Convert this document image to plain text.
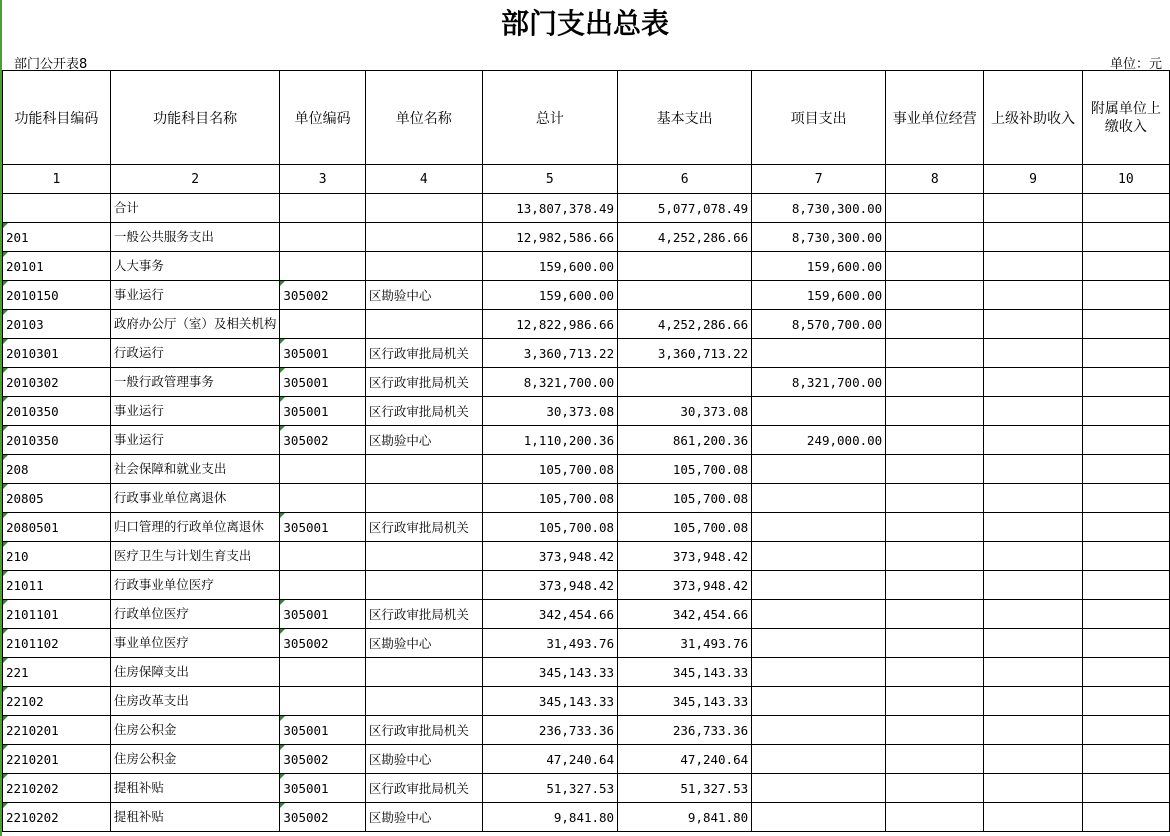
部门支出总表
部门公开表8	单位：元
功能科目编码	功能科目名称	单位编码	单位名称	总计	基本支出	项目支出	事业单位经营	上级补助收入	附属单位上缴收入
1	2	3	4	5	6	7	8	9	10
	合计			13,807,378.49	5,077,078.49	8,730,300.00			
201	一般公共服务支出			12,982,586.66	4,252,286.66	8,730,300.00			
20101	人大事务			159,600.00		159,600.00			
2010150	事业运行	305002	区勘验中心	159,600.00		159,600.00			
20103	政府办公厅（室）及相关机构			12,822,986.66	4,252,286.66	8,570,700.00			
2010301	行政运行	305001	区行政审批局机关	3,360,713.22	3,360,713.22				
2010302	一般行政管理事务	305001	区行政审批局机关	8,321,700.00		8,321,700.00			
2010350	事业运行	305001	区行政审批局机关	30,373.08	30,373.08				
2010350	事业运行	305002	区勘验中心	1,110,200.36	861,200.36	249,000.00			
208	社会保障和就业支出			105,700.08	105,700.08				
20805	行政事业单位离退休			105,700.08	105,700.08				
2080501	归口管理的行政单位离退休	305001	区行政审批局机关	105,700.08	105,700.08				
210	医疗卫生与计划生育支出			373,948.42	373,948.42				
21011	行政事业单位医疗			373,948.42	373,948.42				
2101101	行政单位医疗	305001	区行政审批局机关	342,454.66	342,454.66				
2101102	事业单位医疗	305002	区勘验中心	31,493.76	31,493.76				
221	住房保障支出			345,143.33	345,143.33				
22102	住房改革支出			345,143.33	345,143.33				
2210201	住房公积金	305001	区行政审批局机关	236,733.36	236,733.36				
2210201	住房公积金	305002	区勘验中心	47,240.64	47,240.64				
2210202	提租补贴	305001	区行政审批局机关	51,327.53	51,327.53				
2210202	提租补贴	305002	区勘验中心	9,841.80	9,841.80				
